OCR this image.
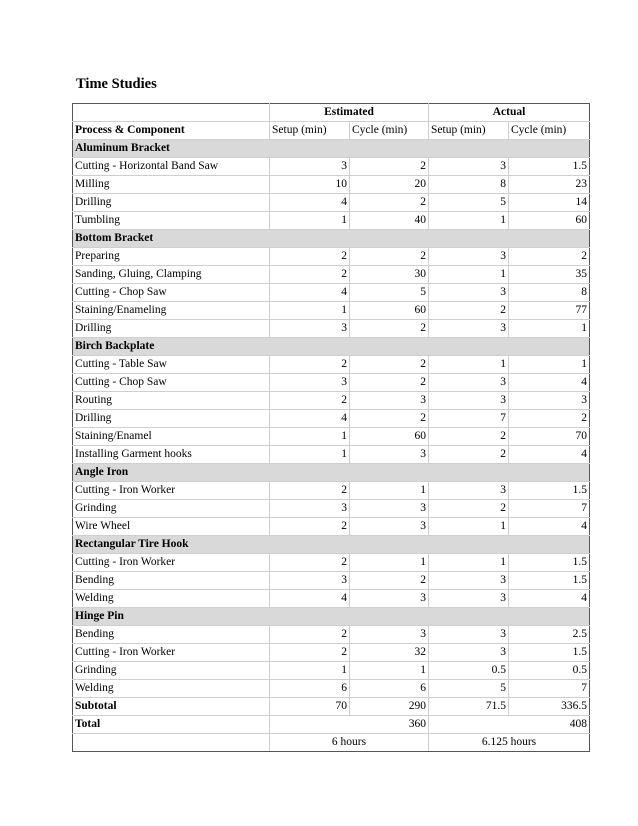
Time Studies
	Estimated		Actual	
Process & Component	Setup (min)	Cycle (min)	Setup (min)	Cycle (min)
Aluminum Bracket				
Cutting - Horizontal Band Saw	3	2	3	1.5
Milling	10	20	8	23
Drilling	4	2	5	14
Tumbling	1	40	1	60
Bottom Bracket				
Preparing	2	2	3	2
Sanding, Gluing, Clamping	2	30	1	35
Cutting - Chop Saw	4	5	3	8
Staining/Enameling	1	60	2	77
Drilling	3	2	3	1
Birch Backplate				
Cutting - Table Saw	2	2	1	1
Cutting - Chop Saw	3	2	3	4
Routing	2	3	3	3
Drilling	4	2	7	2
Staining/Enamel	1	60	2	70
Installing Garment hooks	1	3	2	4
Angle Iron				
Cutting - Iron Worker	2	1	3	1.5
Grinding	3	3	2	7
Wire Wheel	2	3	1	4
Rectangular Tire Hook				
Cutting - Iron Worker	2	1	1	1.5
Bending	3	2	3	1.5
Welding	4	3	3	4
Hinge Pin				
Bending	2	3	3	2.5
Cutting - Iron Worker	2	32	3	1.5
Grinding	1	1	0.5	0.5
Welding	6	6	5	7
Subtotal	70	290	71.5	336.5
Total	360		408	
	6 hours		6.125 hours	
